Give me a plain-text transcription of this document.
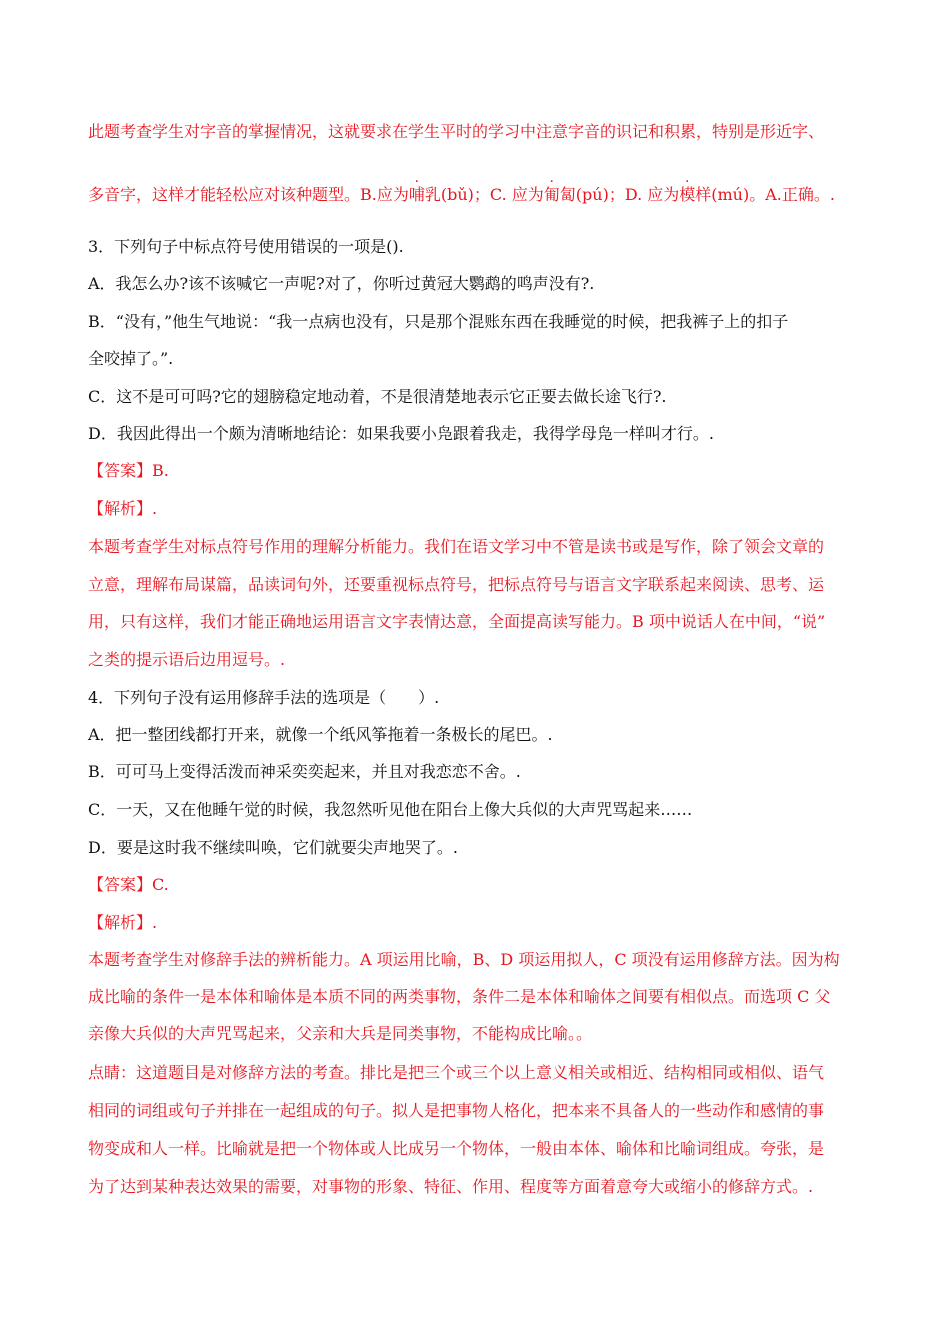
此题考查学生对字音的掌握情况，这就要求在学生平时的学习中注意字音的识记和积累，特别是形近字、
多音字，这样才能轻松应对该种题型。B.应为哺乳(bǔ)；C. 应为匍匐(pú)；D. 应为模样(mú)。A.正确。.
3．下列句子中标点符号使用错误的一项是().
A．我怎么办?该不该喊它一声呢?对了，你听过黄冠大鹦鹉的鸣声没有?.
B．“没有，”他生气地说：“我一点病也没有，只是那个混账东西在我睡觉的时候，把我裤子上的扣子
全咬掉了。”.
C．这不是可可吗?它的翅膀稳定地动着，不是很清楚地表示它正要去做长途飞行?.
D．我因此得出一个颇为清晰地结论：如果我要小凫跟着我走，我得学母凫一样叫才行。.
【答案】B.
【解析】.
本题考查学生对标点符号作用的理解分析能力。我们在语文学习中不管是读书或是写作，除了领会文章的
立意，理解布局谋篇，品读词句外，还要重视标点符号，把标点符号与语言文字联系起来阅读、思考、运
用，只有这样，我们才能正确地运用语言文字表情达意，全面提高读写能力。B 项中说话人在中间，“说”
之类的提示语后边用逗号。.
4．下列句子没有运用修辞手法的选项是（　　）.
A．把一整团线都打开来，就像一个纸风筝拖着一条极长的尾巴。.
B．可可马上变得活泼而神采奕奕起来，并且对我恋恋不舍。.
C．一天，又在他睡午觉的时候，我忽然听见他在阳台上像大兵似的大声咒骂起来……
D．要是这时我不继续叫唤，它们就要尖声地哭了。.
【答案】C.
【解析】.
本题考查学生对修辞手法的辨析能力。A 项运用比喻，B、D 项运用拟人，C 项没有运用修辞方法。因为构
成比喻的条件一是本体和喻体是本质不同的两类事物，条件二是本体和喻体之间要有相似点。而选项 C 父
亲像大兵似的大声咒骂起来，父亲和大兵是同类事物，不能构成比喻。。
点睛：这道题目是对修辞方法的考查。排比是把三个或三个以上意义相关或相近、结构相同或相似、语气
相同的词组或句子并排在一起组成的句子。拟人是把事物人格化，把本来不具备人的一些动作和感情的事
物变成和人一样。比喻就是把一个物体或人比成另一个物体，一般由本体、喻体和比喻词组成。夸张，是
为了达到某种表达效果的需要，对事物的形象、特征、作用、程度等方面着意夸大或缩小的修辞方式。.
